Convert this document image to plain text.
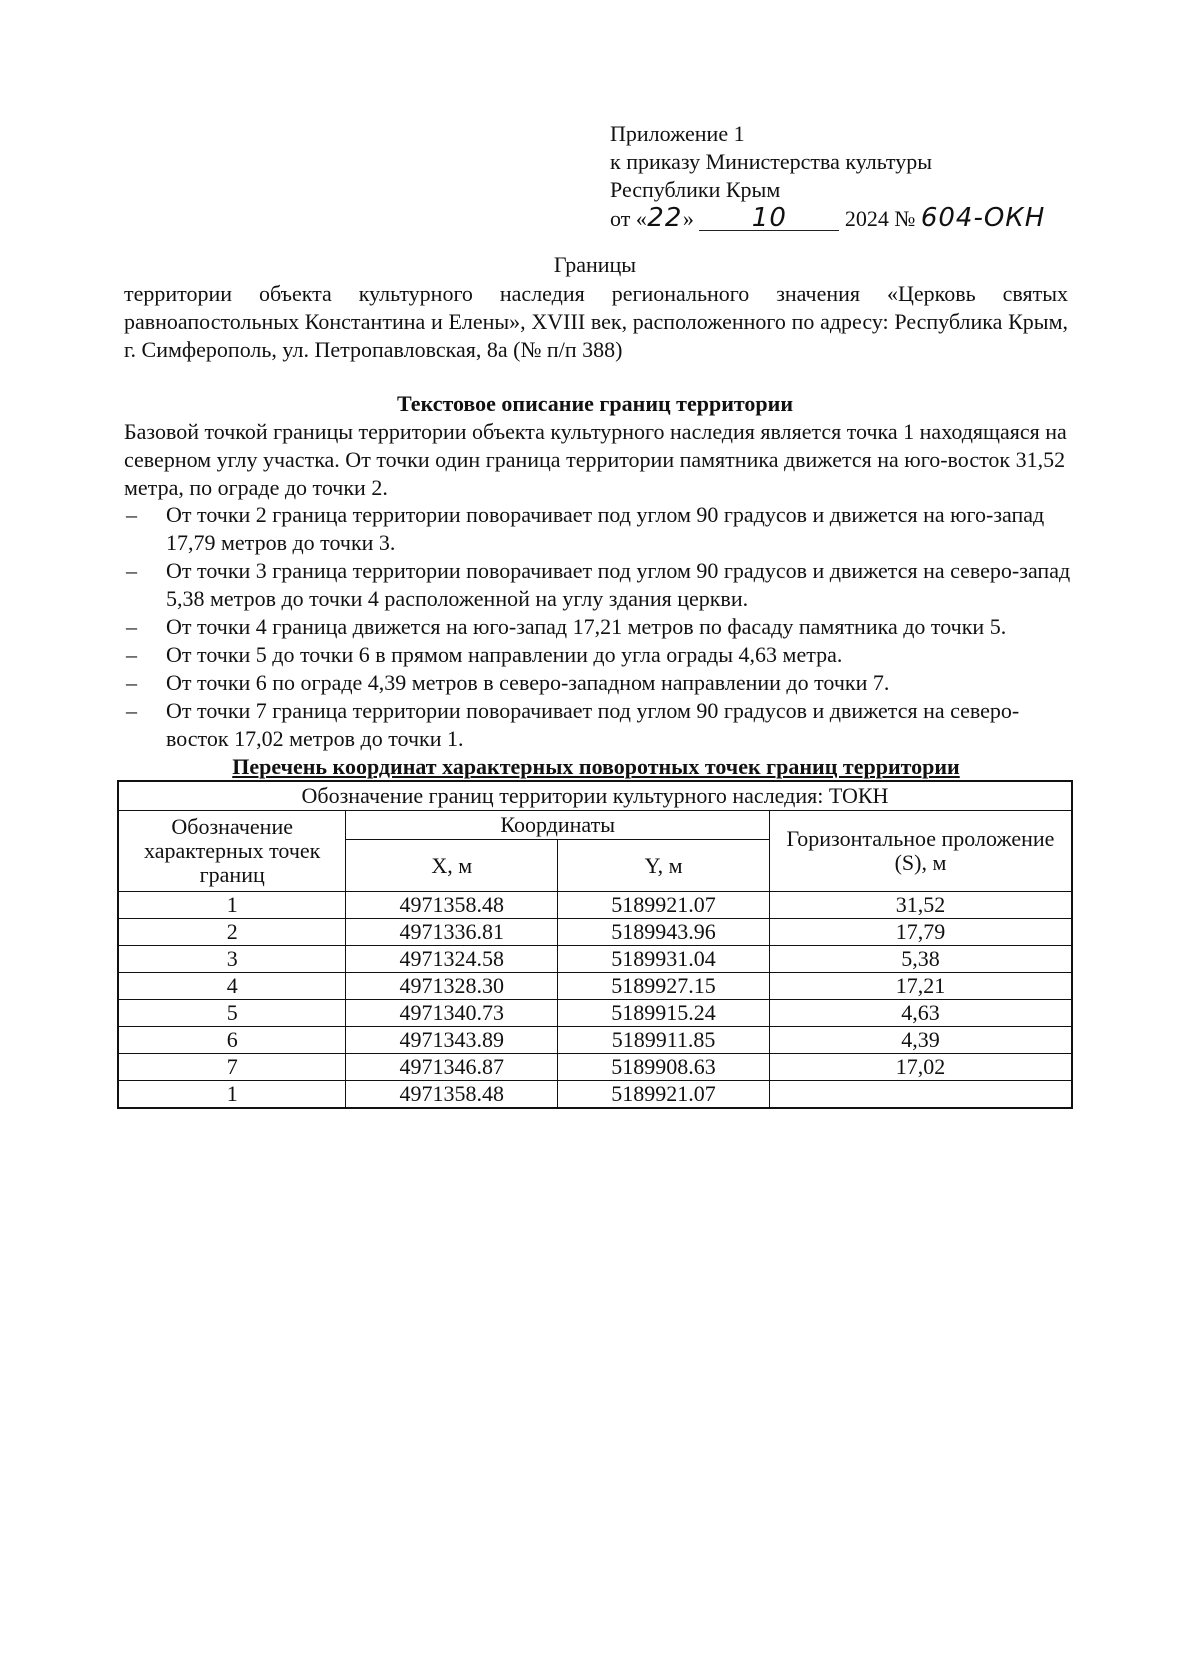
Приложение 1
к приказу Министерства культуры
Республики Крым
от «22» 10	2024 № 604-ОКН
Границы
территории объекта культурного наследия регионального значения «Церковь святых равноапостольных Константина и Елены», XVIII век, расположенного по адресу: Республика Крым, г. Симферополь, ул. Петропавловская, 8а (№ п/п 388)
Текстовое описание границ территории
Базовой точкой границы территории объекта культурного наследия является точка 1 находящаяся на северном углу участка. От точки один граница территории памятника движется на юго-восток 31,52 метра, по ограде до точки 2.
– От точки 2 граница территории поворачивает под углом 90 градусов и движется на юго-запад 17,79 метров до точки 3.
– От точки 3 граница территории поворачивает под углом 90 градусов и движется на северо-запад 5,38 метров до точки 4 расположенной на углу здания церкви.
– От точки 4 граница движется на юго-запад 17,21 метров по фасаду памятника до точки 5.
– От точки 5 до точки 6 в прямом направлении до угла ограды 4,63 метра.
– От точки 6 по ограде 4,39 метров в северо-западном направлении до точки 7.
– От точки 7 граница территории поворачивает под углом 90 градусов и движется на северо-восток 17,02 метров до точки 1.
Перечень координат характерных поворотных точек границ территории
Обозначение границ территории культурного наследия: ТОКН			
Обозначение характерных точек границ	Координаты		Горизонтальное проложение (S), м
	X, м	Y, м	
1	4971358.48	5189921.07	31,52
2	4971336.81	5189943.96	17,79
3	4971324.58	5189931.04	5,38
4	4971328.30	5189927.15	17,21
5	4971340.73	5189915.24	4,63
6	4971343.89	5189911.85	4,39
7	4971346.87	5189908.63	17,02
1	4971358.48	5189921.07	
